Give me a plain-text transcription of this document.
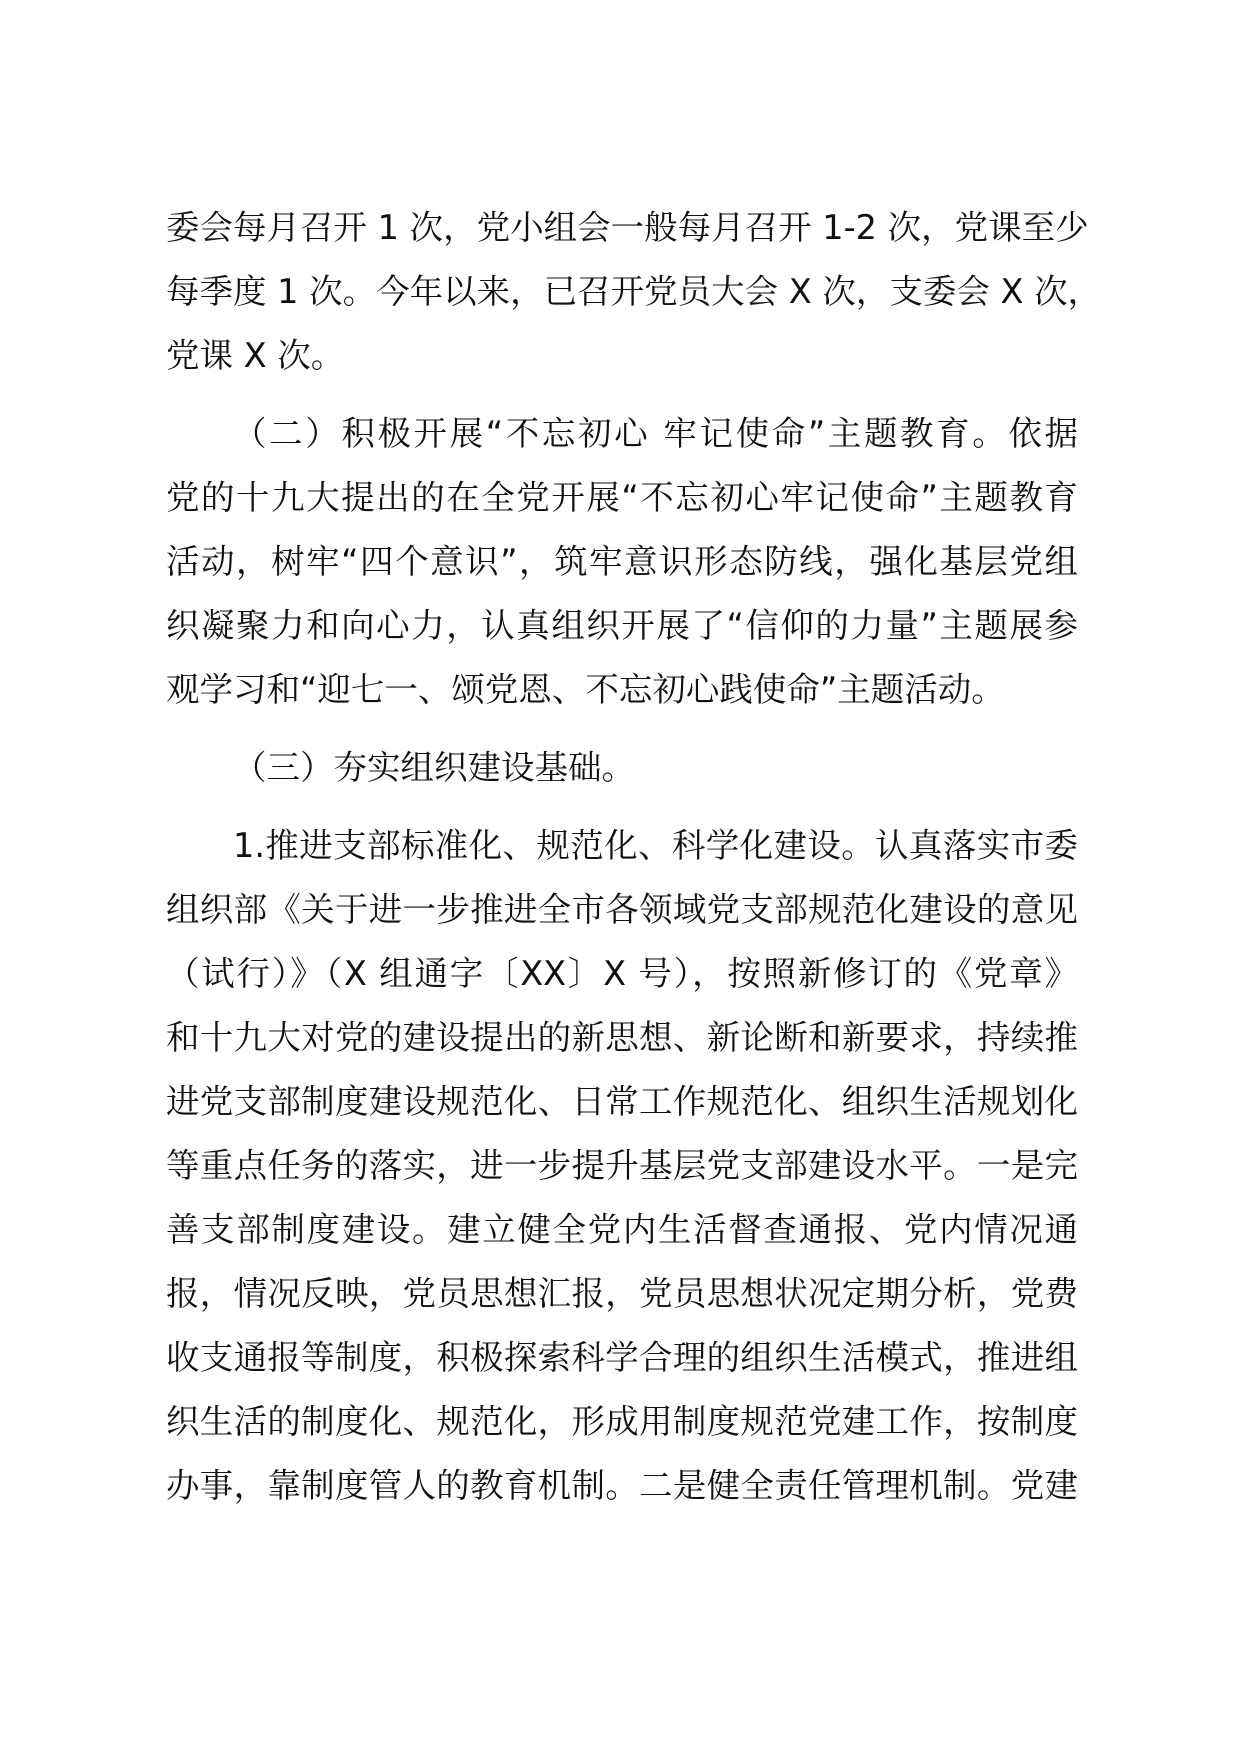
委会每月召开 1 次，党小组会一般每月召开 1-2 次，党课至少
每季度 1 次。今年以来，已召开党员大会 X 次，支委会 X 次，
党课 X 次。
（二）积极开展“不忘初心 牢记使命”主题教育。依据
党的十九大提出的在全党开展“不忘初心牢记使命”主题教育
活动，树牢“四个意识”，筑牢意识形态防线，强化基层党组
织凝聚力和向心力，认真组织开展了“信仰的力量”主题展参
观学习和“迎七一、颂党恩、不忘初心践使命”主题活动。
（三）夯实组织建设基础。
1.推进支部标准化、规范化、科学化建设。认真落实市委
组织部《关于进一步推进全市各领域党支部规范化建设的意见
（试行）》（X 组通字〔XX〕X 号），按照新修订的《党章》
和十九大对党的建设提出的新思想、新论断和新要求，持续推
进党支部制度建设规范化、日常工作规范化、组织生活规划化
等重点任务的落实，进一步提升基层党支部建设水平。一是完
善支部制度建设。建立健全党内生活督查通报、党内情况通
报，情况反映，党员思想汇报，党员思想状况定期分析，党费
收支通报等制度，积极探索科学合理的组织生活模式，推进组
织生活的制度化、规范化，形成用制度规范党建工作，按制度
办事，靠制度管人的教育机制。二是健全责任管理机制。党建
